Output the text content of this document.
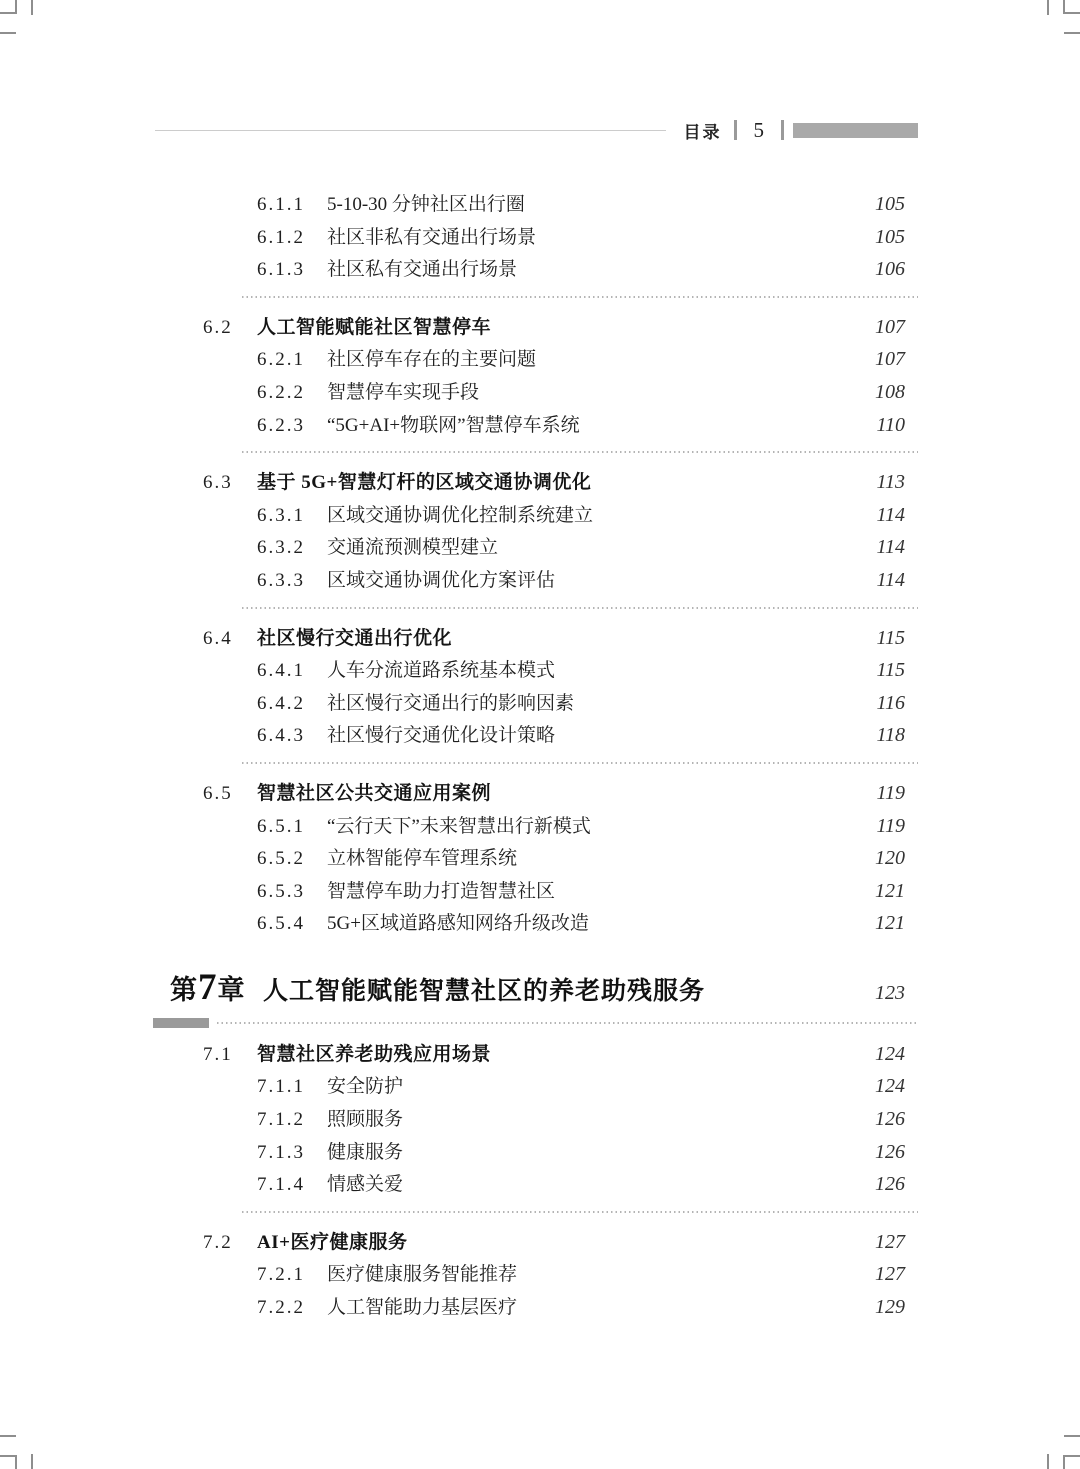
目录 5
6.1.1	5-10-30 分钟社区出行圈	105
6.1.2	社区非私有交通出行场景	105
6.1.3	社区私有交通出行场景	106
6.2	人工智能赋能社区智慧停车	107
6.2.1	社区停车存在的主要问题	107
6.2.2	智慧停车实现手段	108
6.2.3	“5G+AI+物联网”智慧停车系统	110
6.3	基于 5G+智慧灯杆的区域交通协调优化	113
6.3.1	区域交通协调优化控制系统建立	114
6.3.2	交通流预测模型建立	114
6.3.3	区域交通协调优化方案评估	114
6.4	社区慢行交通出行优化	115
6.4.1	人车分流道路系统基本模式	115
6.4.2	社区慢行交通出行的影响因素	116
6.4.3	社区慢行交通优化设计策略	118
6.5	智慧社区公共交通应用案例	119
6.5.1	“云行天下”未来智慧出行新模式	119
6.5.2	立林智能停车管理系统	120
6.5.3	智慧停车助力打造智慧社区	121
6.5.4	5G+区域道路感知网络升级改造	121
第 7 章 人工智能赋能智慧社区的养老助残服务	123
7.1	智慧社区养老助残应用场景	124
7.1.1	安全防护	124
7.1.2	照顾服务	126
7.1.3	健康服务	126
7.1.4	情感关爱	126
7.2	AI+医疗健康服务	127
7.2.1	医疗健康服务智能推荐	127
7.2.2	人工智能助力基层医疗	129
